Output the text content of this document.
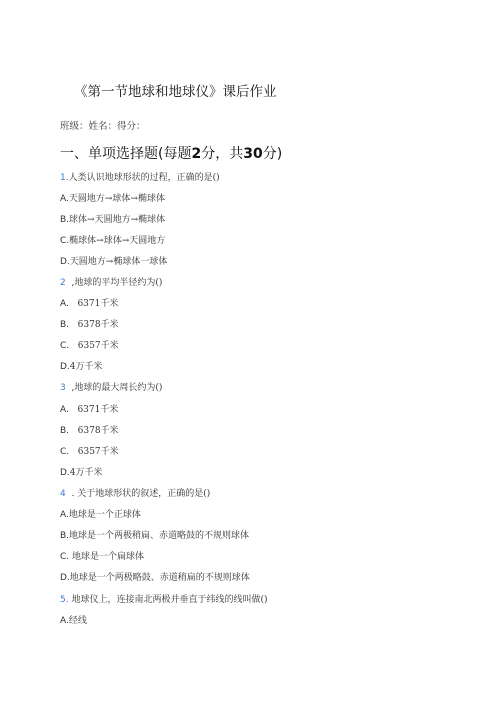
《第一节地球和地球仪》课后作业
班级：姓名：得分：
一、单项选择题(每题2分，共30分)
1.人类认识地球形状的过程，正确的是()
A.天圆地方→球体→椭球体
B.球体→天圆地方→椭球体
C.椭球体→球体→天圆地方
D.天圆地方→椭球体一球体
2 ,地球的平均半径约为()
A. 6371千米
B. 6378千米
C. 6357千米
D.4万千米
3 ,地球的最大周长约为()
A. 6371千米
B. 6378千米
C. 6357千米
D.4万千米
4 . 关于地球形状的叙述，正确的是()
A.地球是一个正球体
B.地球是一个两极稍扁、赤道略鼓的不规则球体
C. 地球是一个扁球体
D.地球是一个两极略鼓、赤道稍扁的不规则球体
5. 地球仪上，连接南北两极并垂直于纬线的线叫做()
A.经线
